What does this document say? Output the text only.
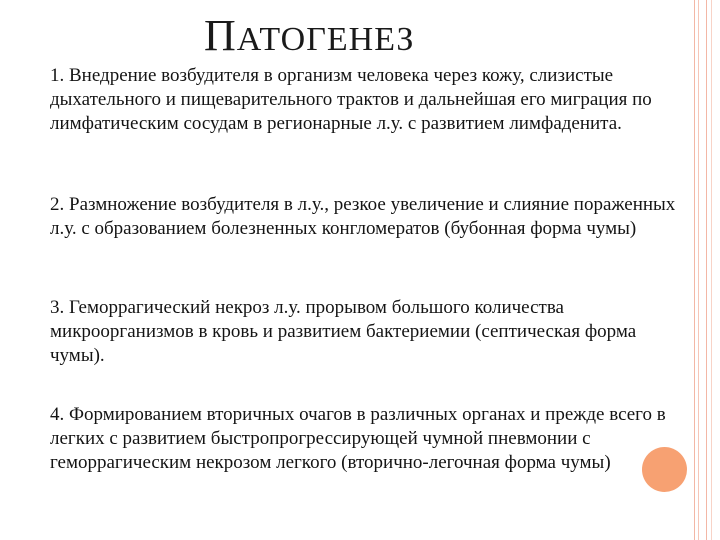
ПАТОГЕНЕЗ
1. Внедрение возбудителя в организм человека через кожу, слизистые дыхательного и пищеварительного трактов и дальнейшая его миграция по лимфатическим сосудам в регионарные л.у. с развитием лимфаденита.
2. Размножение возбудителя в л.у., резкое увеличение и слияние пораженных л.у. с образованием болезненных конгломератов (бубонная форма чумы)
3. Геморрагический некроз л.у. прорывом большого количества микроорганизмов в кровь и развитием бактериемии (септическая форма чумы).
4. Формированием вторичных очагов в различных органах и прежде всего в легких с развитием быстропрогрессирующей чумной пневмонии с геморрагическим некрозом легкого (вторично-легочная форма чумы)
